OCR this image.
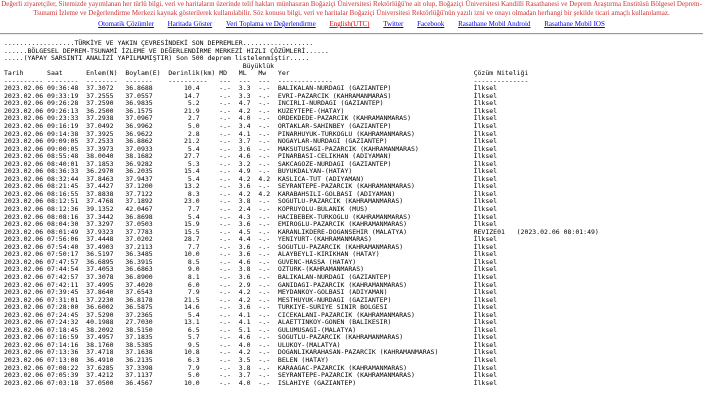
Değerli ziyaretçiler, Sitemizde yayımlanan her türlü bilgi, veri ve haritaların üzerinde telif hakları münhasıran Boğaziçi Üniversitesi Rektörlüğü'ne ait olup, Boğaziçi Üniversitesi Kandilli Rasathanesi ve Deprem Araştırma Enstitüsü Bölgesel Deprem-Tsunami İzleme ve Değerlendirme Merkezi kaynak gösterilerek kullanılabilir. Söz konusu bilgi, veri ve haritalar Boğaziçi Üniversitesi Rektörlüğü'nün yazılı izni ve onayı olmadan herhangi bir şekilde ticari amaçlı kullanılamaz.
Otomatik Çözümler Haritada Göster Veri Toplama ve Değerlendirme English(UTC) Twitter Facebook Rasathane Mobil Android Rasathane Mobil IOS
..................TÜRKİYE VE YAKIN ÇEVRESİNDEKİ SON DEPREMLER..................
......BÖLGESEL DEPREM-TSUNAMİ İZLEME VE DEĞERLENDİRME MERKEZİ HIZLI ÇÖZÜMLERİ......
.....(YAPAY SARSINTI ANALİZİ YAPILMAMIŞTIR) Son 500 deprem listelenmiştir.....
Büyüklük
Tarih      Saat      Enlem(N)  Boylam(E)  Derinlik(km) MD   ML   Mw   Yer                                               Çözüm Niteliği
---------- --------  --------  -------    ----------   ---  ---  ---  --------------                                    --------------
2023.02.06 09:36:48  37.3072   36.8688        10.4     -.-  3.3  -.-  BALIKALAN-NURDAGI (GAZIANTEP)                     İlksel
2023.02.06 09:33:19  37.2555   37.0557        14.7     -.-  3.3  -.-  EVRI-PAZARCIK (KAHRAMANMARAS)                     İlksel
2023.02.06 09:26:28  37.2590   36.9835         5.2     -.-  4.7  -.-  INCIRLI-NURDAGI (GAZIANTEP)                       İlksel
2023.02.06 09:26:13  36.2500   36.1575        21.9     -.-  4.2  -.-  KUZEYTEPE-(HATAY)                                 İlksel
2023.02.06 09:23:33  37.2938   37.0967         2.7     -.-  4.0  -.-  ORDEKDEDE-PAZARCIK (KAHRAMANMARAS)                İlksel
2023.02.06 09:16:19  37.0492   36.9962         5.0     -.-  3.4  -.-  ORTAKLAR-SAHINBEY (GAZIANTEP)                     İlksel
2023.02.06 09:14:38  37.3925   36.9622         2.8     -.-  4.1  -.-  PINARHUYUK-TURKOGLU (KAHRAMANMARAS)               İlksel
2023.02.06 09:09:05  37.2533   36.8862        21.2     -.-  3.7  -.-  NOGAYLAR-NURDAGI (GAZIANTEP)                      İlksel
2023.02.06 09:00:05  37.3973   37.0933         5.4     -.-  3.6  -.-  MAKSUTUSAGI-PAZARCIK (KAHRAMANMARAS)              İlksel
2023.02.06 08:55:48  38.0040   38.1682        27.7     -.-  4.6  -.-  PINARBASI-CELIKHAN (ADIYAMAN)                     İlksel
2023.02.06 08:40:01  37.1853   36.9282         5.3     -.-  3.2  -.-  SAKCAGOZE-NURDAGI (GAZIANTEP)                     İlksel
2023.02.06 08:36:33  36.2970   36.2035        15.4     -.-  4.9  -.-  BUYUKDALYAN-(HATAY)                               İlksel
2023.02.06 08:32:44  37.8463   37.9437         5.4     -.-  4.2  4.2  KASLICA-TUT (ADIYAMAN)                            İlksel
2023.02.06 08:21:45  37.4427   37.1200        13.2     -.-  3.6  -.-  SEYRANTEPE-PAZARCIK (KAHRAMANMARAS)               İlksel
2023.02.06 08:16:55  37.8838   37.7122         8.3     -.-  4.2  4.2  KARABAHSILI-GOLBASI (ADIYAMAN)                    İlksel
2023.02.06 08:12:51  37.4768   37.1892        23.0     -.-  3.8  -.-  SOGUTLU-PAZARCIK (KAHRAMANMARAS)                  İlksel
2023.02.06 08:12:36  39.1352   42.0467         7.7     -.-  2.4  -.-  KOPRUYOLU-BULANIK (MUS)                           İlksel
2023.02.06 08:08:16  37.3442   36.8698         5.4     -.-  4.3  -.-  HACIBEBEK-TURKOGLU (KAHRAMANMARAS)                İlksel
2023.02.06 08:04:30  37.3297   37.0503        15.9     -.-  3.6  -.-  EMIROGLU-PAZARCIK (KAHRAMANMARAS)                 İlksel
2023.02.06 08:01:49  37.9323   37.7783        15.5     -.-  4.5  -.-  KARANLIKDERE-DOGANSEHIR (MALATYA)                 REVIZE01   (2023.02.06 08:01:49)
2023.02.06 07:56:06  37.4448   37.0202        28.7     -.-  4.4  -.-  YENIYURT-(KAHRAMANMARAS)                          İlksel
2023.02.06 07:54:40  37.4903   37.2113         7.7     -.-  3.6  -.-  SOGUTLU-PAZARCIK (KAHRAMANMARAS)                  İlksel
2023.02.06 07:50:17  36.5197   36.3485        10.0     -.-  3.6  -.-  ALAYBEYLI-KIRIKHAN (HATAY)                        İlksel
2023.02.06 07:47:57  36.6895   36.3915         8.5     -.-  4.6  -.-  GUVENC-HASSA (HATAY)                              İlksel
2023.02.06 07:44:54  37.4053   36.6863         9.0     -.-  3.8  -.-  OZTURK-(KAHRAMANMARAS)                            İlksel
2023.02.06 07:42:57  37.3078   36.8900         8.1     -.-  3.6  -.-  BALIKALAN-NURDAGI (GAZIANTEP)                     İlksel
2023.02.06 07:42:11  37.4995   37.4020         6.0     -.-  2.9  -.-  GANIDAGI-PAZARCIK (KAHRAMANMARAS)                 İlksel
2023.02.06 07:39:45  37.8640   37.6543         7.9     -.-  4.2  -.-  MEYDANKOY-GOLBASI (ADIYAMAN)                      İlksel
2023.02.06 07:31:01  37.2230   36.8178        21.5     -.-  4.2  -.-  MESTHUYUK-NURDAGI (GAZIANTEP)                     İlksel
2023.02.06 07:28:00  36.6002   36.5875        14.6     -.-  3.6  -.-  TURKIYE-SURIYE SINIR BOLGESI                      İlksel
2023.02.06 07:24:45  37.5290   37.2365         5.4     -.-  4.1  -.-  CICEKALANI-PAZARCIK (KAHRAMANMARAS)               İlksel
2023.02.06 07:24:32  40.1988   27.7030        13.1     -.-  4.1  -.-  ALAETTINKOY-GONEN (BALIKESIR)                     İlksel
2023.02.06 07:18:45  38.2092   38.5150         6.5     -.-  5.1  -.-  GULUMUSAGI-(MALATYA)                              İlksel
2023.02.06 07:16:59  37.4957   37.1835         5.7     -.-  4.6  -.-  SOGUTLU-PAZARCIK (KAHRAMANMARAS)                  İlksel
2023.02.06 07:14:16  38.1760   38.5385         9.5     -.-  4.0  -.-  ULUKOY-(MALATYA)                                  İlksel
2023.02.06 07:13:36  37.4718   37.1638        10.8     -.-  4.2  -.-  DOGANLIKARAHASAN-PAZARCIK (KAHRAMANMARAS)         İlksel
2023.02.06 07:13:08  36.4910   36.2135         6.3     -.-  3.5  -.-  BELEN (HATAY)                                     İlksel
2023.02.06 07:08:22  37.6285   37.3398         7.9     -.-  3.8  -.-  KARAAGAC-PAZARCIK (KAHRAMANMARAS)                 İlksel
2023.02.06 07:05:39  37.4212   37.1137         5.0     -.-  3.7  -.-  SEYRANTEPE-PAZARCIK (KAHRAMANMARAS)               İlksel
2023.02.06 07:03:18  37.0500   36.4567        10.0     -.-  4.0  -.-  ISLAHIYE (GAZIANTEP)                              İlksel
